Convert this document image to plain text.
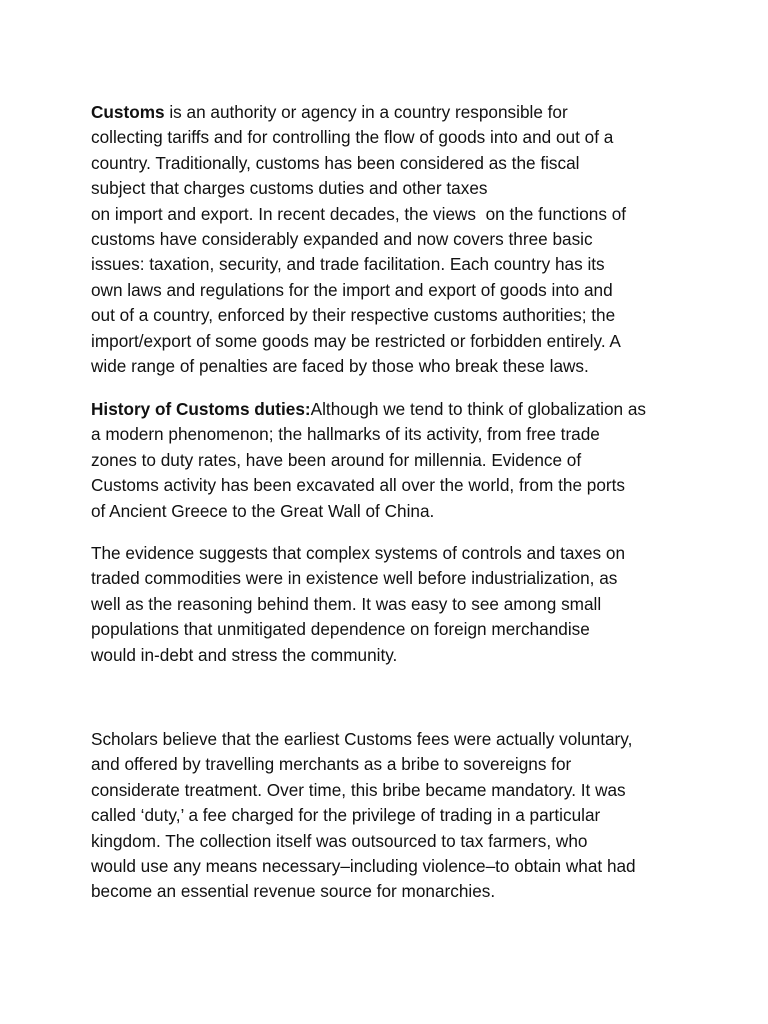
Customs is an authority or agency in a country responsible for
collecting tariffs and for controlling the flow of goods into and out of a
country. Traditionally, customs has been considered as the fiscal
subject that charges customs duties and other taxes
on import and export. In recent decades, the views  on the functions of
customs have considerably expanded and now covers three basic
issues: taxation, security, and trade facilitation. Each country has its
own laws and regulations for the import and export of goods into and
out of a country, enforced by their respective customs authorities; the
import/export of some goods may be restricted or forbidden entirely. A
wide range of penalties are faced by those who break these laws.
History of Customs duties:Although we tend to think of globalization as
a modern phenomenon; the hallmarks of its activity, from free trade
zones to duty rates, have been around for millennia. Evidence of
Customs activity has been excavated all over the world, from the ports
of Ancient Greece to the Great Wall of China.
The evidence suggests that complex systems of controls and taxes on
traded commodities were in existence well before industrialization, as
well as the reasoning behind them. It was easy to see among small
populations that unmitigated dependence on foreign merchandise
would in-debt and stress the community.
Scholars believe that the earliest Customs fees were actually voluntary,
and offered by travelling merchants as a bribe to sovereigns for
considerate treatment. Over time, this bribe became mandatory. It was
called ‘duty,’ a fee charged for the privilege of trading in a particular
kingdom. The collection itself was outsourced to tax farmers, who
would use any means necessary–including violence–to obtain what had
become an essential revenue source for monarchies.
